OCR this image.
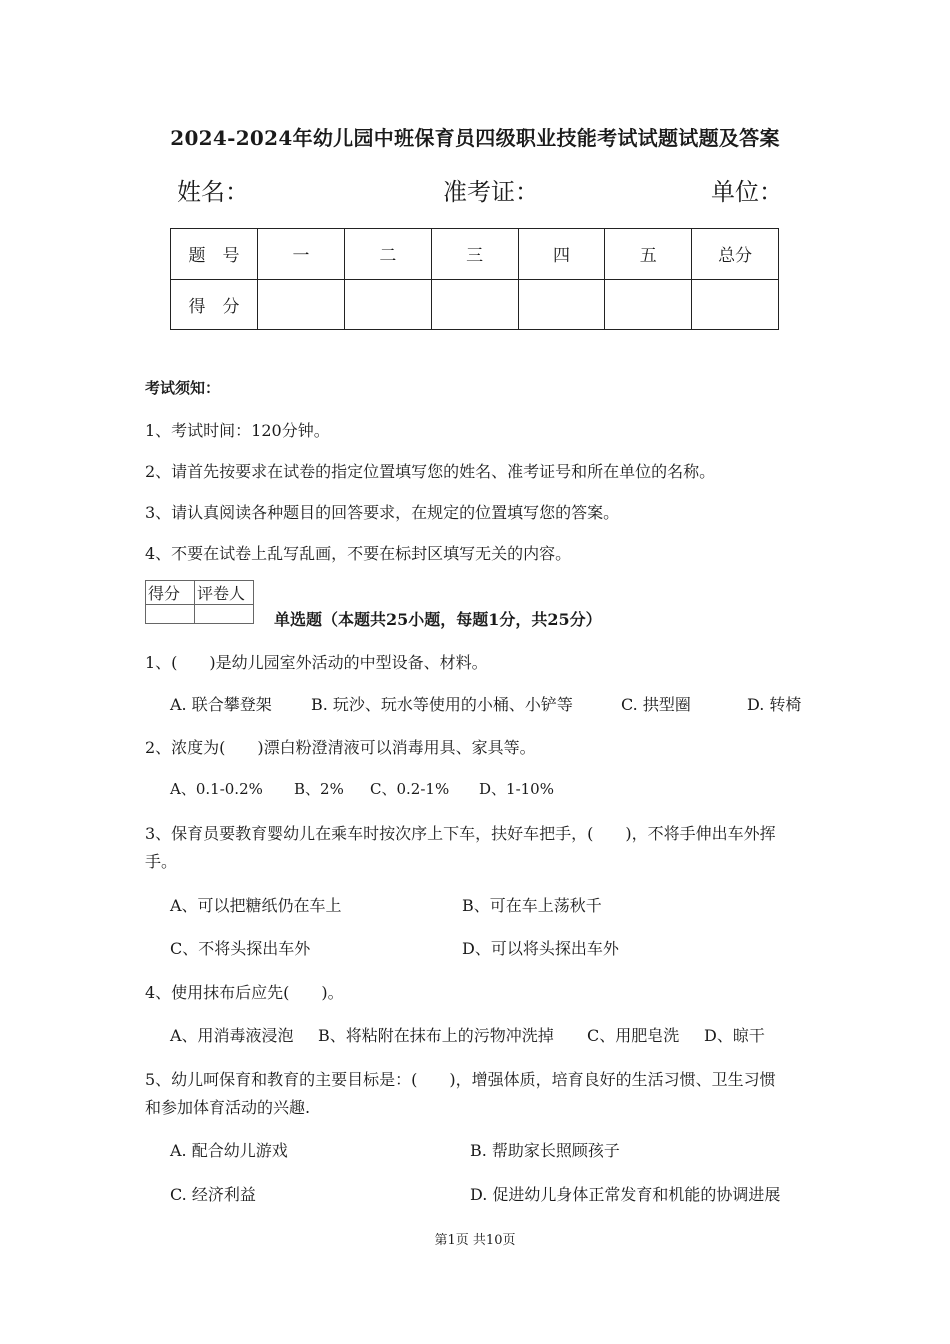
2024-2024年幼儿园中班保育员四级职业技能考试试题试题及答案
姓名：	准考证：	单位：
题　号	一	二	三	四	五	总分
得　分						
考试须知：
1、考试时间：120分钟。
2、请首先按要求在试卷的指定位置填写您的姓名、准考证号和所在单位的名称。
3、请认真阅读各种题目的回答要求，在规定的位置填写您的答案。
4、不要在试卷上乱写乱画，不要在标封区填写无关的内容。
得分	评卷人

单选题（本题共25小题，每题1分，共25分）
1、(　　)是幼儿园室外活动的中型设备、材料。
A. 联合攀登架 B. 玩沙、玩水等使用的小桶、小铲等	C. 拱型圈	D. 转椅
2、浓度为(　　)漂白粉澄清液可以消毒用具、家具等。
A、0.1-0.2% B、2% C、0.2-1% D、1-10%
3、保育员要教育婴幼儿在乘车时按次序上下车，扶好车把手，(　　)，不将手伸出车外挥
手。
A、可以把糖纸仍在车上	B、可在车上荡秋千
C、不将头探出车外	D、可以将头探出车外
4、使用抹布后应先(　　)。
A、用消毒液浸泡 B、将粘附在抹布上的污物冲洗掉 C、用肥皂洗 D、晾干
5、幼儿呵保育和教育的主要目标是：(　　)，增强体质，培育良好的生活习惯、卫生习惯
和参加体育活动的兴趣.
A. 配合幼儿游戏	B. 帮助家长照顾孩子
C. 经济利益	D. 促进幼儿身体正常发育和机能的协调进展
第1页 共10页
